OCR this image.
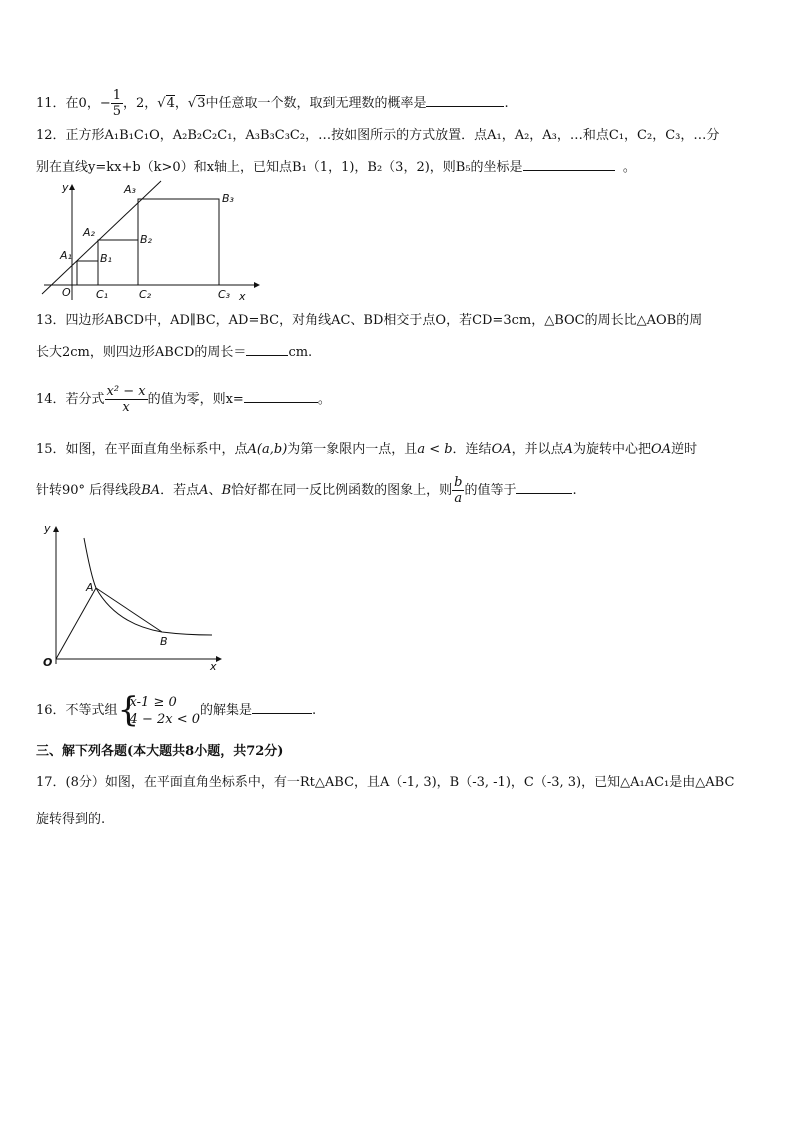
11．在0，− $\frac{1}{5}$ ，2，√4，√3中任意取一个数，取到无理数的概率是	.
12．正方形A₁B₁C₁O，A₂B₂C₂C₁，A₃B₃C₃C₂，…按如图所示的方式放置．点A₁，A₂，A₃，…和点C₁，C₂，C₃，…分
别在直线y=kx+b（k>0）和x轴上，已知点B₁（1，1)，B₂（3，2)，则B₅的坐标是	。
y
x
O
A₁
A₂
A₃
B₁
B₂
B₃
C₁	C₂	C₃
13．四边形ABCD中，AD∥BC，AD=BC，对角线AC、BD相交于点O，若CD=3cm，△BOC的周长比△AOB的周
长大2cm，则四边形ABCD的周长＝	cm.
14．若分式 $\frac{\text{x² − x}}{x}$ 的值为零，则x=	。
15．如图，在平面直角坐标系中，点A(a,b)为第一象限内一点，且a < b．连结OA，并以点A为旋转中心把OA逆时
针转90° 后得线段BA．若点A、B恰好都在同一反比例函数的图象上，则 $\frac{b}{a}$ 的值等于	.
y
x
O
A
B
16．不等式组 {
x-1 ≥ 0
4 − 2x < 0
的解集是	.
三、解下列各题(本大题共8小题，共72分)
17．(8分）如图，在平面直角坐标系中，有一Rt△ABC，且A（-1, 3)，B（-3, -1)，C（-3, 3)，已知△A₁AC₁是由△ABC
旋转得到的.
